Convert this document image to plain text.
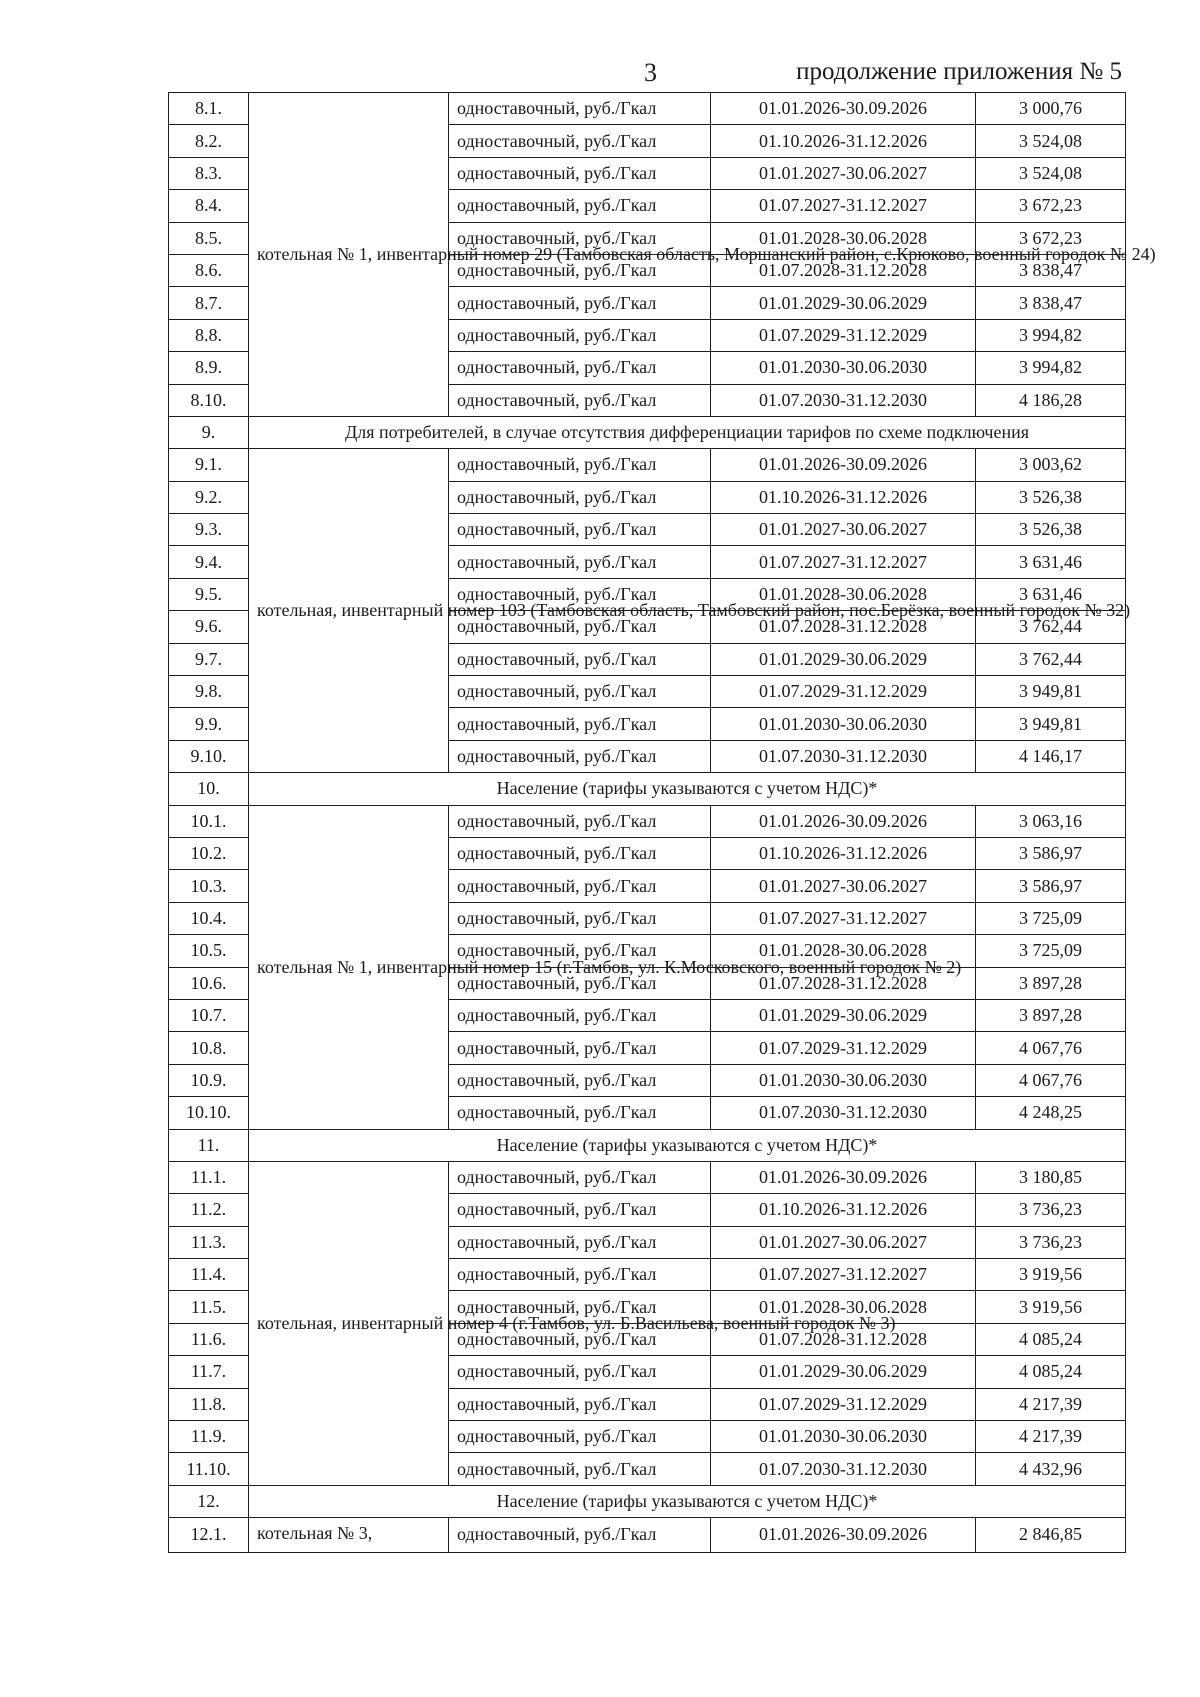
3	продолжение приложения № 5
8.1.	котельная № 1, инвентарный номер 29 (Тамбовская область, Моршанский район, с.Крюково, военный городок № 24)	одноставочный, руб./Гкал	01.01.2026-30.09.2026	3 000,76
8.2.		одноставочный, руб./Гкал	01.10.2026-31.12.2026	3 524,08
8.3.		одноставочный, руб./Гкал	01.01.2027-30.06.2027	3 524,08
8.4.		одноставочный, руб./Гкал	01.07.2027-31.12.2027	3 672,23
8.5.		одноставочный, руб./Гкал	01.01.2028-30.06.2028	3 672,23
8.6.		одноставочный, руб./Гкал	01.07.2028-31.12.2028	3 838,47
8.7.		одноставочный, руб./Гкал	01.01.2029-30.06.2029	3 838,47
8.8.		одноставочный, руб./Гкал	01.07.2029-31.12.2029	3 994,82
8.9.		одноставочный, руб./Гкал	01.01.2030-30.06.2030	3 994,82
8.10.		одноставочный, руб./Гкал	01.07.2030-31.12.2030	4 186,28
9.	Для потребителей, в случае отсутствия дифференциации тарифов по схеме подключения			
9.1.	котельная, инвентарный номер 103 (Тамбовская область, Тамбовский район, пос.Берёзка, военный городок № 32)	одноставочный, руб./Гкал	01.01.2026-30.09.2026	3 003,62
9.2.		одноставочный, руб./Гкал	01.10.2026-31.12.2026	3 526,38
9.3.		одноставочный, руб./Гкал	01.01.2027-30.06.2027	3 526,38
9.4.		одноставочный, руб./Гкал	01.07.2027-31.12.2027	3 631,46
9.5.		одноставочный, руб./Гкал	01.01.2028-30.06.2028	3 631,46
9.6.		одноставочный, руб./Гкал	01.07.2028-31.12.2028	3 762,44
9.7.		одноставочный, руб./Гкал	01.01.2029-30.06.2029	3 762,44
9.8.		одноставочный, руб./Гкал	01.07.2029-31.12.2029	3 949,81
9.9.		одноставочный, руб./Гкал	01.01.2030-30.06.2030	3 949,81
9.10.		одноставочный, руб./Гкал	01.07.2030-31.12.2030	4 146,17
10.	Население (тарифы указываются с учетом НДС)*			
10.1.	котельная № 1, инвентарный номер 15 (г.Тамбов, ул. К.Московского, военный городок № 2)	одноставочный, руб./Гкал	01.01.2026-30.09.2026	3 063,16
10.2.		одноставочный, руб./Гкал	01.10.2026-31.12.2026	3 586,97
10.3.		одноставочный, руб./Гкал	01.01.2027-30.06.2027	3 586,97
10.4.		одноставочный, руб./Гкал	01.07.2027-31.12.2027	3 725,09
10.5.		одноставочный, руб./Гкал	01.01.2028-30.06.2028	3 725,09
10.6.		одноставочный, руб./Гкал	01.07.2028-31.12.2028	3 897,28
10.7.		одноставочный, руб./Гкал	01.01.2029-30.06.2029	3 897,28
10.8.		одноставочный, руб./Гкал	01.07.2029-31.12.2029	4 067,76
10.9.		одноставочный, руб./Гкал	01.01.2030-30.06.2030	4 067,76
10.10.		одноставочный, руб./Гкал	01.07.2030-31.12.2030	4 248,25
11.	Население (тарифы указываются с учетом НДС)*			
11.1.	котельная, инвентарный номер 4 (г.Тамбов, ул. Б.Васильева, военный городок № 3)	одноставочный, руб./Гкал	01.01.2026-30.09.2026	3 180,85
11.2.		одноставочный, руб./Гкал	01.10.2026-31.12.2026	3 736,23
11.3.		одноставочный, руб./Гкал	01.01.2027-30.06.2027	3 736,23
11.4.		одноставочный, руб./Гкал	01.07.2027-31.12.2027	3 919,56
11.5.		одноставочный, руб./Гкал	01.01.2028-30.06.2028	3 919,56
11.6.		одноставочный, руб./Гкал	01.07.2028-31.12.2028	4 085,24
11.7.		одноставочный, руб./Гкал	01.01.2029-30.06.2029	4 085,24
11.8.		одноставочный, руб./Гкал	01.07.2029-31.12.2029	4 217,39
11.9.		одноставочный, руб./Гкал	01.01.2030-30.06.2030	4 217,39
11.10.		одноставочный, руб./Гкал	01.07.2030-31.12.2030	4 432,96
12.	Население (тарифы указываются с учетом НДС)*			
12.1.	котельная № 3,	одноставочный, руб./Гкал	01.01.2026-30.09.2026	2 846,85
